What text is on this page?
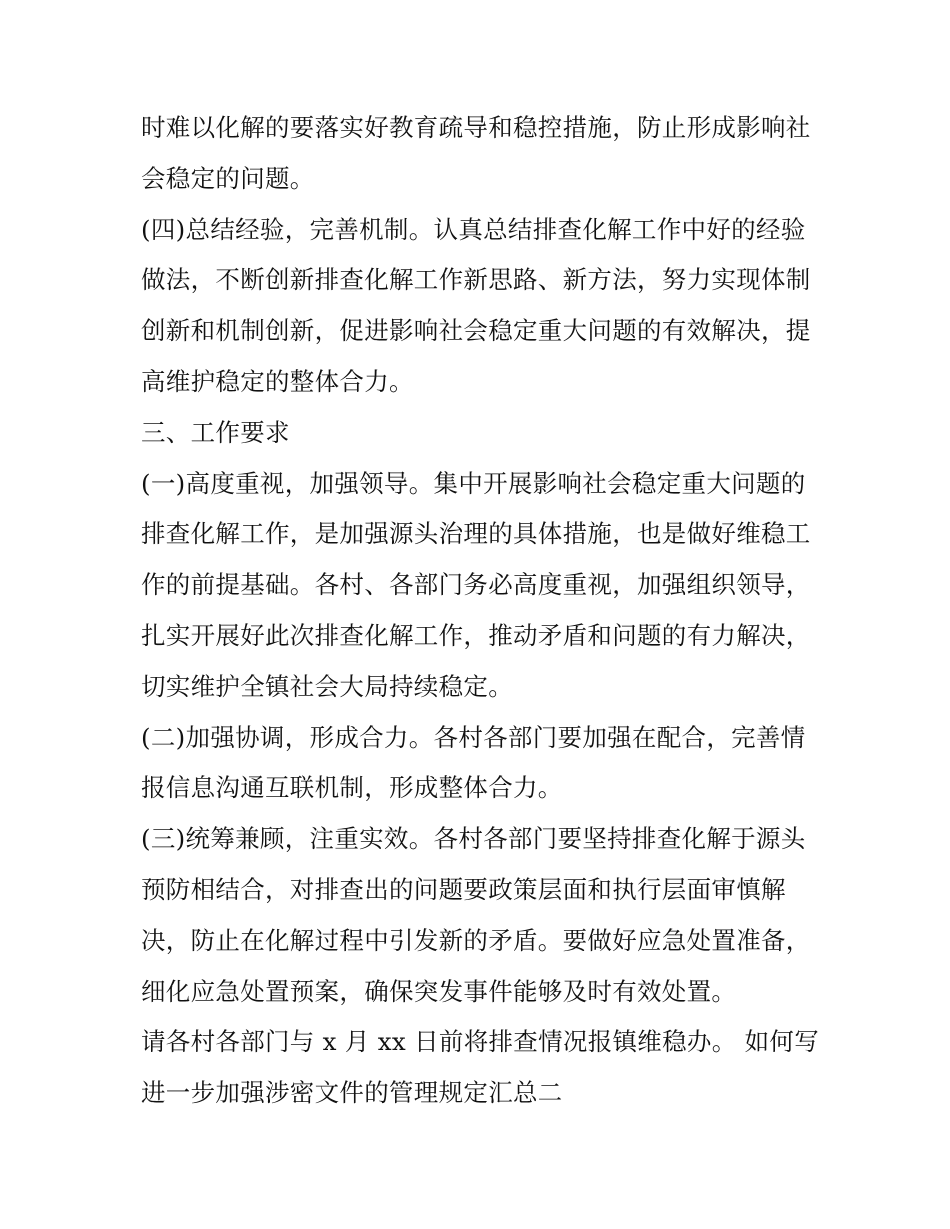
时难以化解的要落实好教育疏导和稳控措施，防止形成影响社
会稳定的问题。
(四)总结经验，完善机制。认真总结排查化解工作中好的经验
做法，不断创新排查化解工作新思路、新方法，努力实现体制
创新和机制创新，促进影响社会稳定重大问题的有效解决，提
高维护稳定的整体合力。
三、工作要求
(一)高度重视，加强领导。集中开展影响社会稳定重大问题的
排查化解工作，是加强源头治理的具体措施，也是做好维稳工
作的前提基础。各村、各部门务必高度重视，加强组织领导，
扎实开展好此次排查化解工作，推动矛盾和问题的有力解决，
切实维护全镇社会大局持续稳定。
(二)加强协调，形成合力。各村各部门要加强在配合，完善情
报信息沟通互联机制，形成整体合力。
(三)统筹兼顾，注重实效。各村各部门要坚持排查化解于源头
预防相结合，对排查出的问题要政策层面和执行层面审慎解
决，防止在化解过程中引发新的矛盾。要做好应急处置准备，
细化应急处置预案，确保突发事件能够及时有效处置。
请各村各部门与 x 月 xx 日前将排查情况报镇维稳办。 如何写
进一步加强涉密文件的管理规定汇总二
